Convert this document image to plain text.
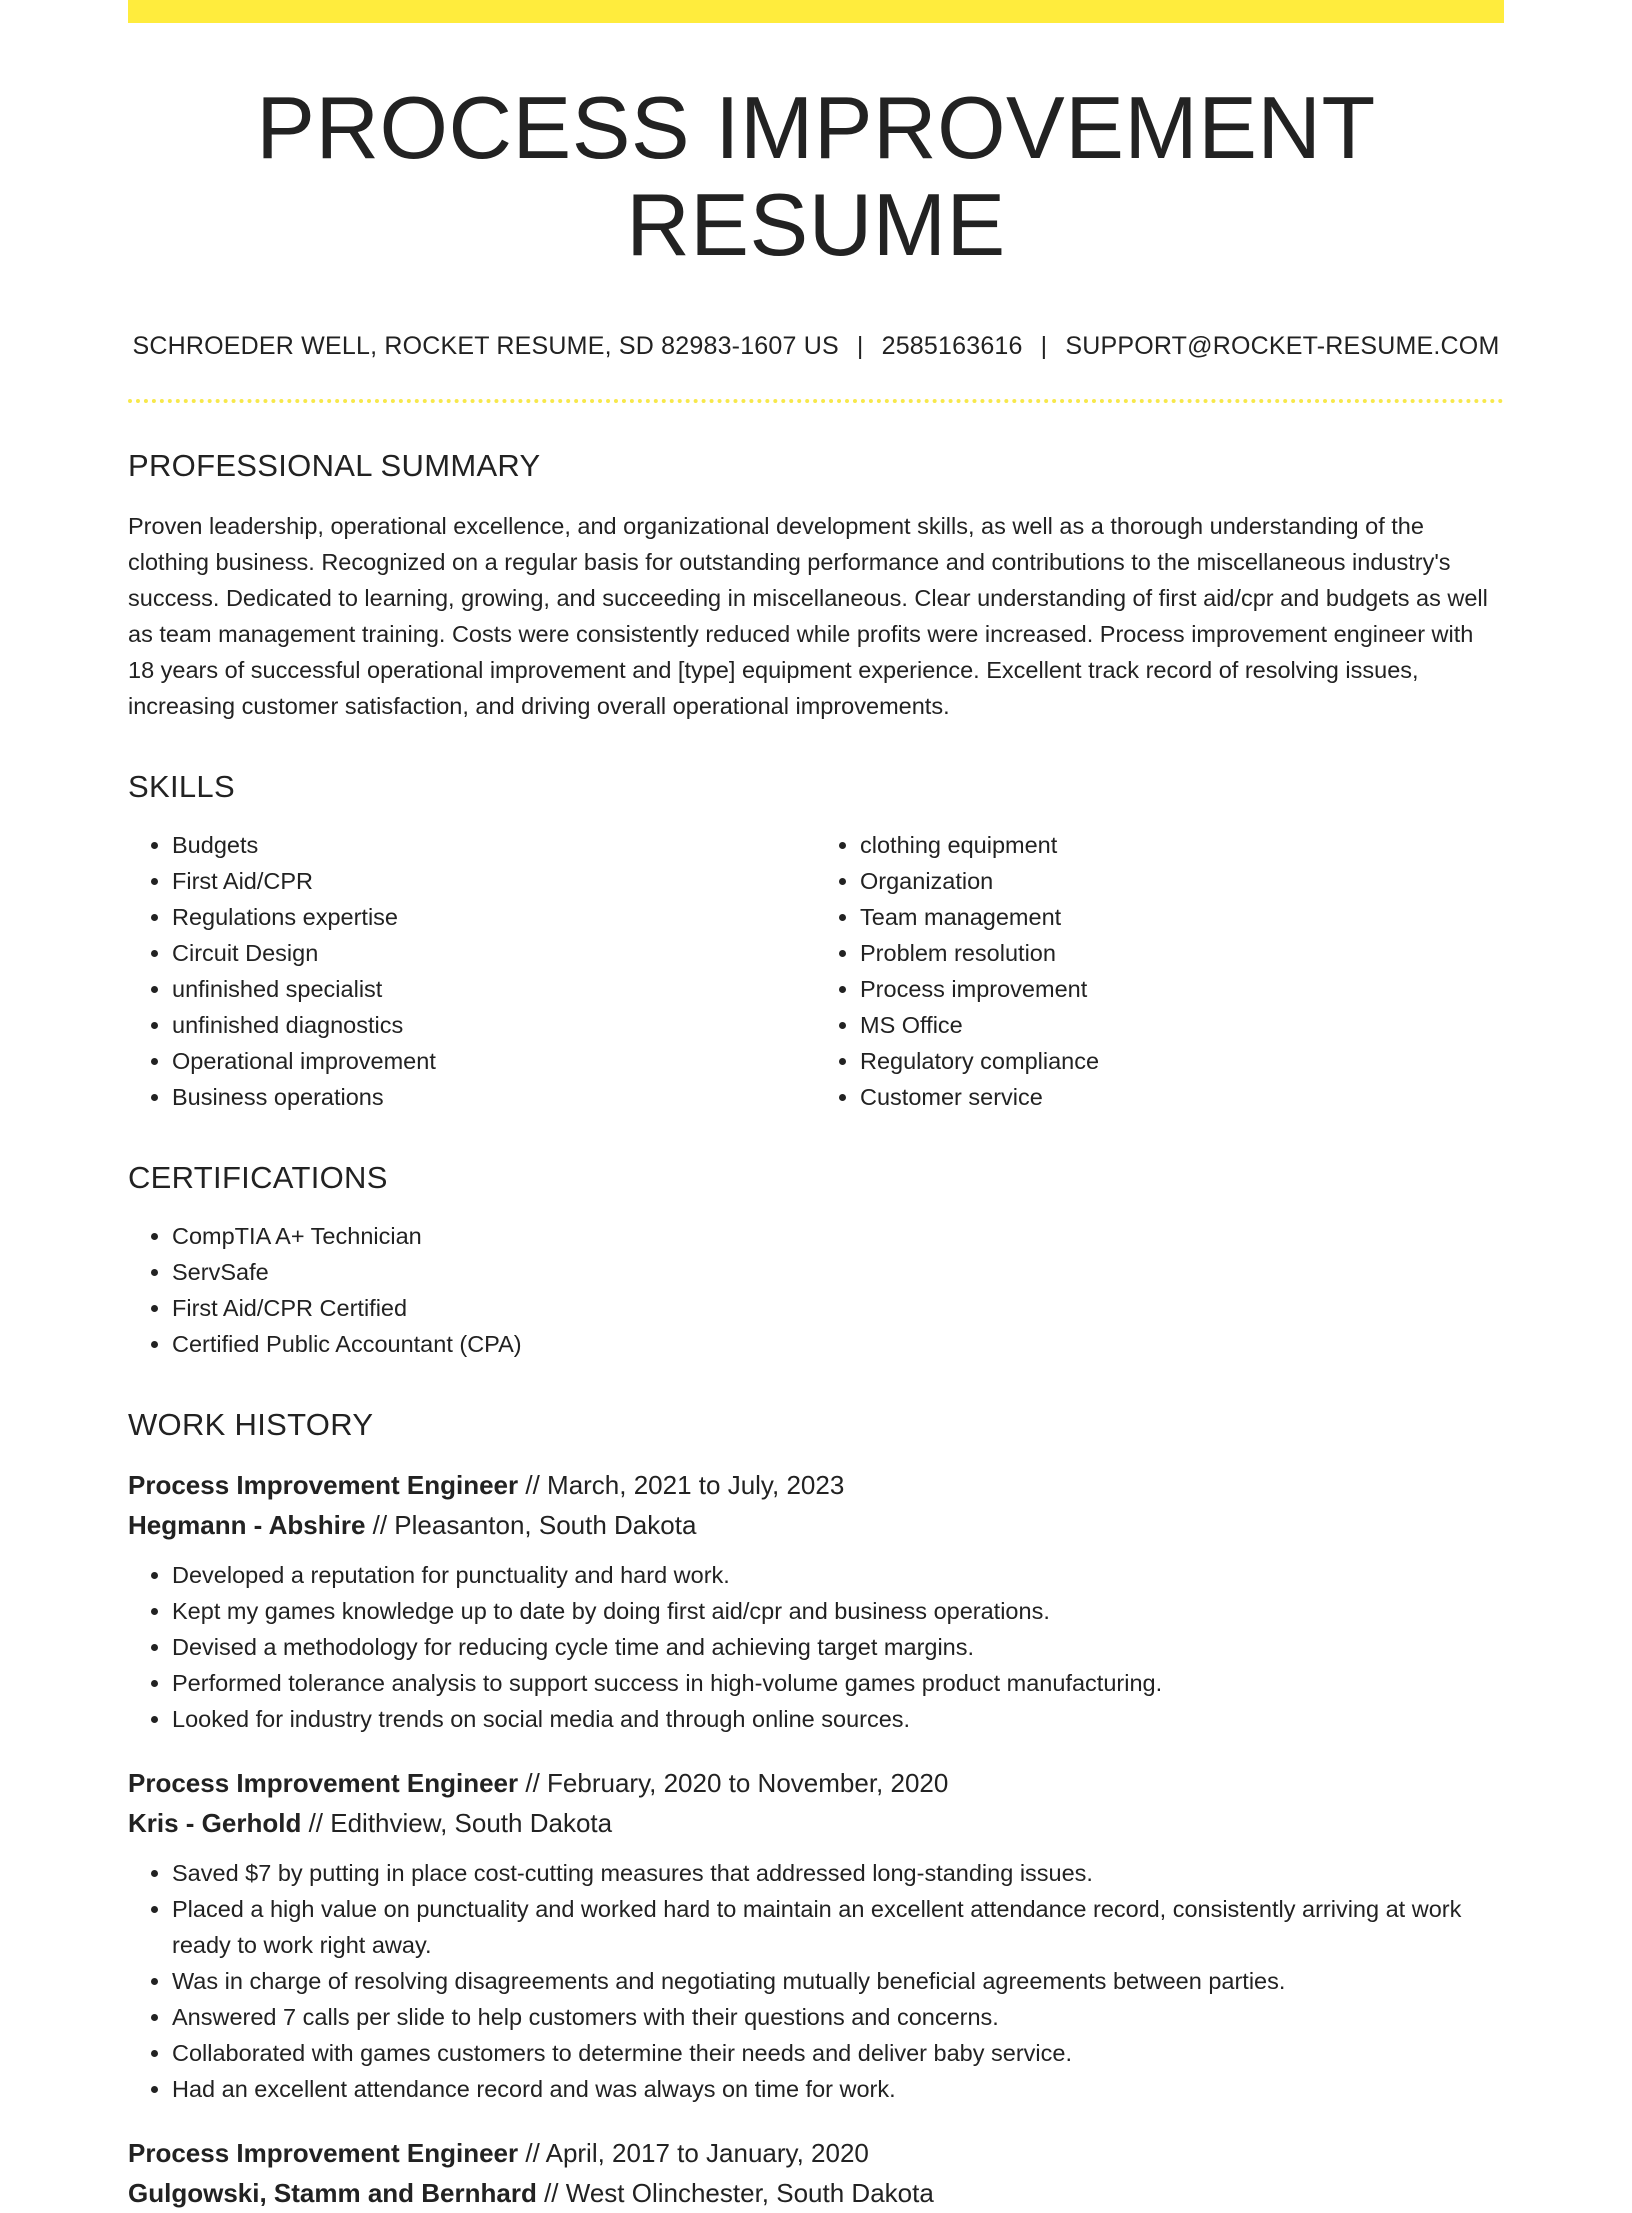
PROCESS IMPROVEMENT RESUME
SCHROEDER WELL, ROCKET RESUME, SD 82983-1607 US | 2585163616 | SUPPORT@ROCKET-RESUME.COM
PROFESSIONAL SUMMARY
Proven leadership, operational excellence, and organizational development skills, as well as a thorough understanding of the clothing business. Recognized on a regular basis for outstanding performance and contributions to the miscellaneous industry's success. Dedicated to learning, growing, and succeeding in miscellaneous. Clear understanding of first aid/cpr and budgets as well as team management training. Costs were consistently reduced while profits were increased. Process improvement engineer with 18 years of successful operational improvement and [type] equipment experience. Excellent track record of resolving issues, increasing customer satisfaction, and driving overall operational improvements.
SKILLS
• Budgets
• First Aid/CPR
• Regulations expertise
• Circuit Design
• unfinished specialist
• unfinished diagnostics
• Operational improvement
• Business operations
• clothing equipment
• Organization
• Team management
• Problem resolution
• Process improvement
• MS Office
• Regulatory compliance
• Customer service
CERTIFICATIONS
• CompTIA A+ Technician
• ServSafe
• First Aid/CPR Certified
• Certified Public Accountant (CPA)
WORK HISTORY
Process Improvement Engineer // March, 2021 to July, 2023
Hegmann - Abshire // Pleasanton, South Dakota
• Developed a reputation for punctuality and hard work.
• Kept my games knowledge up to date by doing first aid/cpr and business operations.
• Devised a methodology for reducing cycle time and achieving target margins.
• Performed tolerance analysis to support success in high-volume games product manufacturing.
• Looked for industry trends on social media and through online sources.
Process Improvement Engineer // February, 2020 to November, 2020
Kris - Gerhold // Edithview, South Dakota
• Saved $7 by putting in place cost-cutting measures that addressed long-standing issues.
• Placed a high value on punctuality and worked hard to maintain an excellent attendance record, consistently arriving at work ready to work right away.
• Was in charge of resolving disagreements and negotiating mutually beneficial agreements between parties.
• Answered 7 calls per slide to help customers with their questions and concerns.
• Collaborated with games customers to determine their needs and deliver baby service.
• Had an excellent attendance record and was always on time for work.
Process Improvement Engineer // April, 2017 to January, 2020
Gulgowski, Stamm and Bernhard // West Olinchester, South Dakota
